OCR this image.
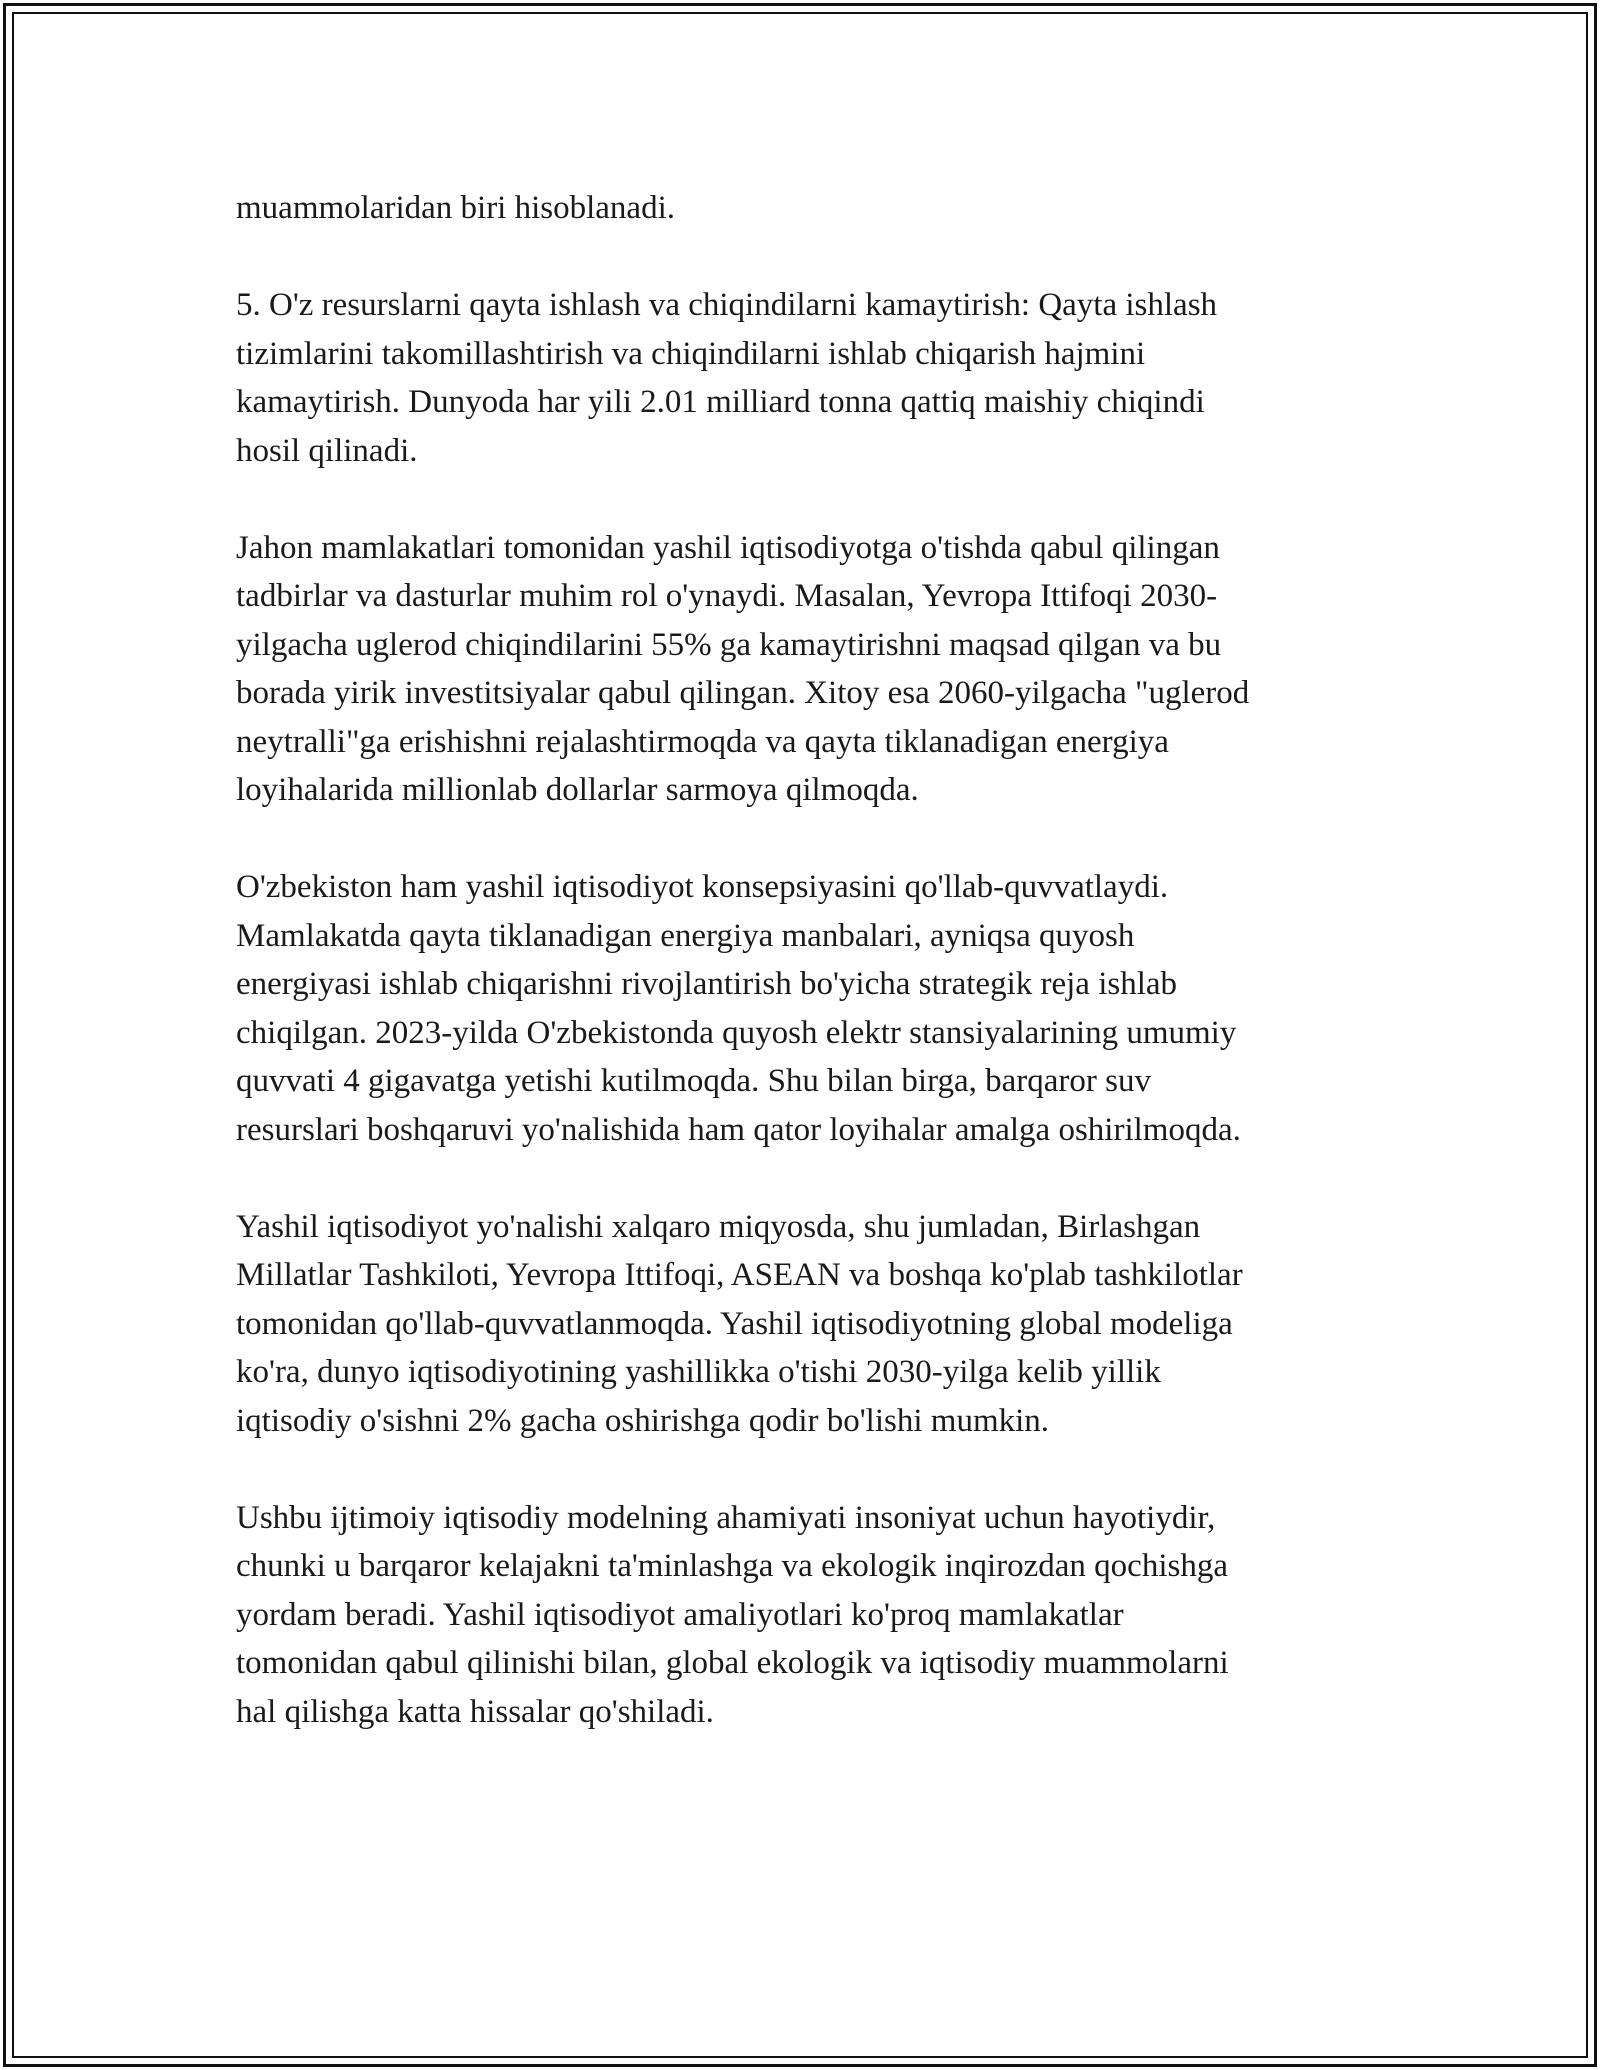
muammolaridan biri hisoblanadi.

5. O'z resurslarni qayta ishlash va chiqindilarni kamaytirish: Qayta ishlash
tizimlarini takomillashtirish va chiqindilarni ishlab chiqarish hajmini
kamaytirish. Dunyoda har yili 2.01 milliard tonna qattiq maishiy chiqindi
hosil qilinadi.

Jahon mamlakatlari tomonidan yashil iqtisodiyotga o'tishda qabul qilingan
tadbirlar va dasturlar muhim rol o'ynaydi. Masalan, Yevropa Ittifoqi 2030-
yilgacha uglerod chiqindilarini 55% ga kamaytirishni maqsad qilgan va bu
borada yirik investitsiyalar qabul qilingan. Xitoy esa 2060-yilgacha "uglerod
neytralli"ga erishishni rejalashtirmoqda va qayta tiklanadigan energiya
loyihalarida millionlab dollarlar sarmoya qilmoqda.

O'zbekiston ham yashil iqtisodiyot konsepsiyasini qo'llab-quvvatlaydi.
Mamlakatda qayta tiklanadigan energiya manbalari, ayniqsa quyosh
energiyasi ishlab chiqarishni rivojlantirish bo'yicha strategik reja ishlab
chiqilgan. 2023-yilda O'zbekistonda quyosh elektr stansiyalarining umumiy
quvvati 4 gigavatga yetishi kutilmoqda. Shu bilan birga, barqaror suv
resurslari boshqaruvi yo'nalishida ham qator loyihalar amalga oshirilmoqda.

Yashil iqtisodiyot yo'nalishi xalqaro miqyosda, shu jumladan, Birlashgan
Millatlar Tashkiloti, Yevropa Ittifoqi, ASEAN va boshqa ko'plab tashkilotlar
tomonidan qo'llab-quvvatlanmoqda. Yashil iqtisodiyotning global modeliga
ko'ra, dunyo iqtisodiyotining yashillikka o'tishi 2030-yilga kelib yillik
iqtisodiy o'sishni 2% gacha oshirishga qodir bo'lishi mumkin.

Ushbu ijtimoiy iqtisodiy modelning ahamiyati insoniyat uchun hayotiydir,
chunki u barqaror kelajakni ta'minlashga va ekologik inqirozdan qochishga
yordam beradi. Yashil iqtisodiyot amaliyotlari ko'proq mamlakatlar
tomonidan qabul qilinishi bilan, global ekologik va iqtisodiy muammolarni
hal qilishga katta hissalar qo'shiladi.
